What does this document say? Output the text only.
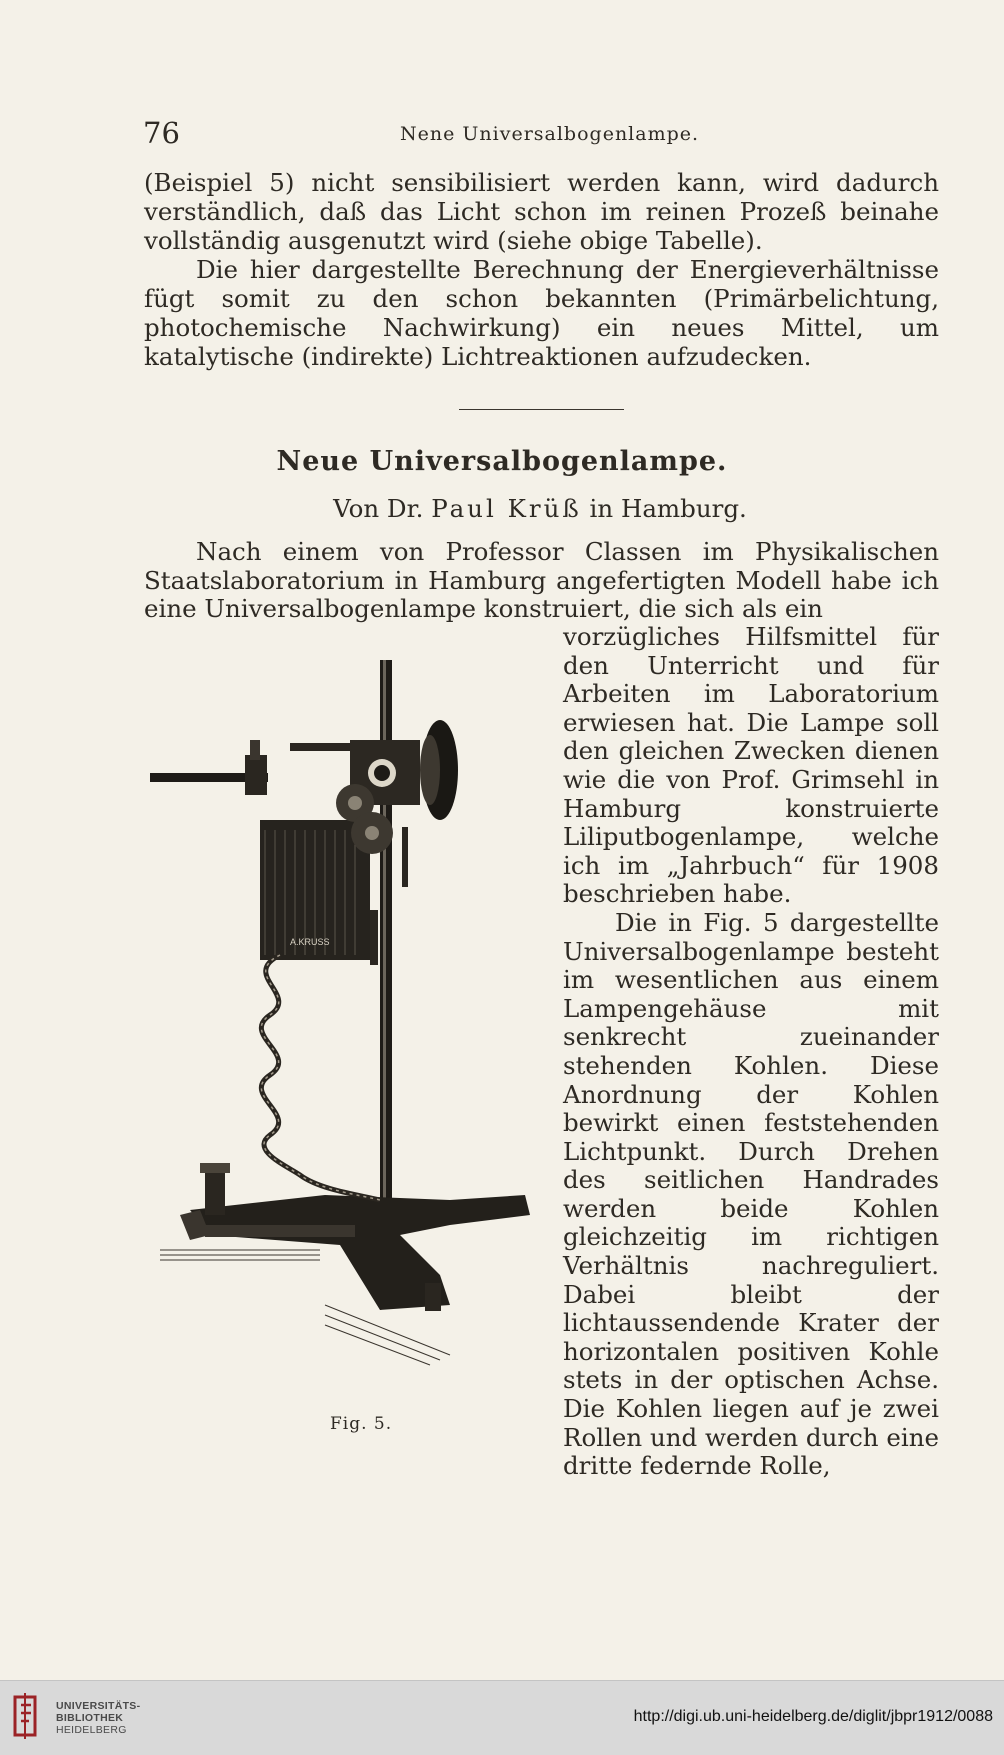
76	Nene Universalbogenlampe.

(Beispiel 5) nicht sensibilisiert werden kann, wird dadurch verständlich, daß das Licht schon im reinen Prozeß beinahe vollständig ausgenutzt wird (siehe obige Tabelle).

Die hier dargestellte Berechnung der Energieverhältnisse fügt somit zu den schon bekannten (Primärbelichtung, photochemische Nachwirkung) ein neues Mittel, um katalytische (indirekte) Lichtreaktionen aufzudecken.

Neue Universalbogenlampe.
Von Dr. Paul Krüß in Hamburg.

Nach einem von Professor Classen im Physikalischen Staatslaboratorium in Hamburg angefertigten Modell habe ich eine Universalbogenlampe konstruiert, die sich als ein

vorzügliches Hilfsmittel für den Unterricht und für Arbeiten im Laboratorium erwiesen hat. Die Lampe soll den gleichen Zwecken dienen wie die von Prof. Grimsehl in Hamburg konstruierte Liliputbogenlampe, welche ich im „Jahrbuch“ für 1908 beschrieben habe.

Die in Fig. 5 dargestellte Universalbogenlampe besteht im wesentlichen aus einem Lampengehäuse mit senkrecht zueinander stehenden Kohlen. Diese Anordnung der Kohlen bewirkt einen feststehenden Lichtpunkt. Durch Drehen des seitlichen Handrades werden beide Kohlen gleichzeitig im richtigen Verhältnis nachreguliert. Dabei bleibt der lichtaussendende Krater der horizontalen positiven Kohle stets in der optischen Achse. Die Kohlen liegen auf je zwei Rollen und werden durch eine dritte federnde Rolle,

A.KRUSS
Fig. 5.
UNIVERSITÄTS-
BIBLIOTHEK
HEIDELBERG
http://digi.ub.uni-heidelberg.de/diglit/jbpr1912/0088
